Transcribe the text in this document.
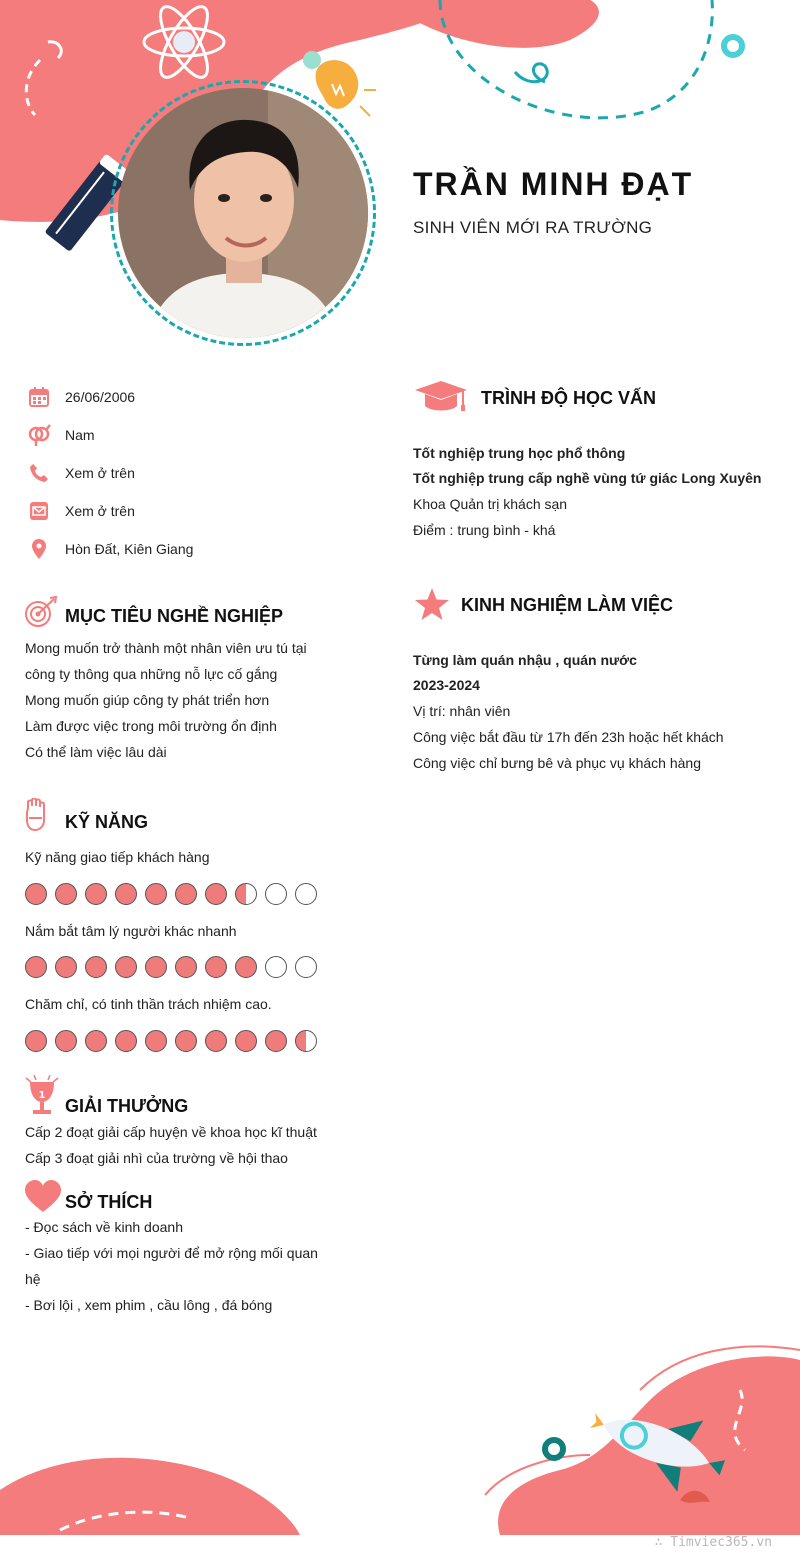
TRẦN MINH ĐẠT
SINH VIÊN MỚI RA TRƯỜNG
26/06/2006
Nam
Xem ở trên
Xem ở trên
Hòn Đất, Kiên Giang
MỤC TIÊU NGHỀ NGHIỆP
Mong muốn trở thành một nhân viên ưu tú tại
công ty thông qua những nỗ lực cố gắng
Mong muốn giúp công ty phát triển hơn
Làm được việc trong môi trường ổn định
Có thể làm việc lâu dài
KỸ NĂNG
Kỹ năng giao tiếp khách hàng
Nắm bắt tâm lý người khác nhanh
Chăm chỉ, có tinh thần trách nhiệm cao.
1
GIẢI THƯỞNG
Cấp 2 đoạt giải cấp huyện về khoa học kĩ thuật
Cấp 3 đoạt giải nhì của trường về hội thao
SỞ THÍCH
- Đọc sách về kinh doanh
- Giao tiếp với mọi người để mở rộng mối quan
hệ
- Bơi lội , xem phim , cầu lông , đá bóng
TRÌNH ĐỘ HỌC VẤN
Tốt nghiệp trung học phổ thông
Tốt nghiệp trung cấp nghề vùng tứ giác Long Xuyên
Khoa Quản trị khách sạn
Điểm : trung bình - khá
KINH NGHIỆM LÀM VIỆC
Từng làm quán nhậu , quán nước
2023-2024
Vị trí: nhân viên
Công việc bắt đầu từ 17h đến 23h hoặc hết khách
Công việc chỉ bưng bê và phục vụ khách hàng
∴ Timviec365.vn
